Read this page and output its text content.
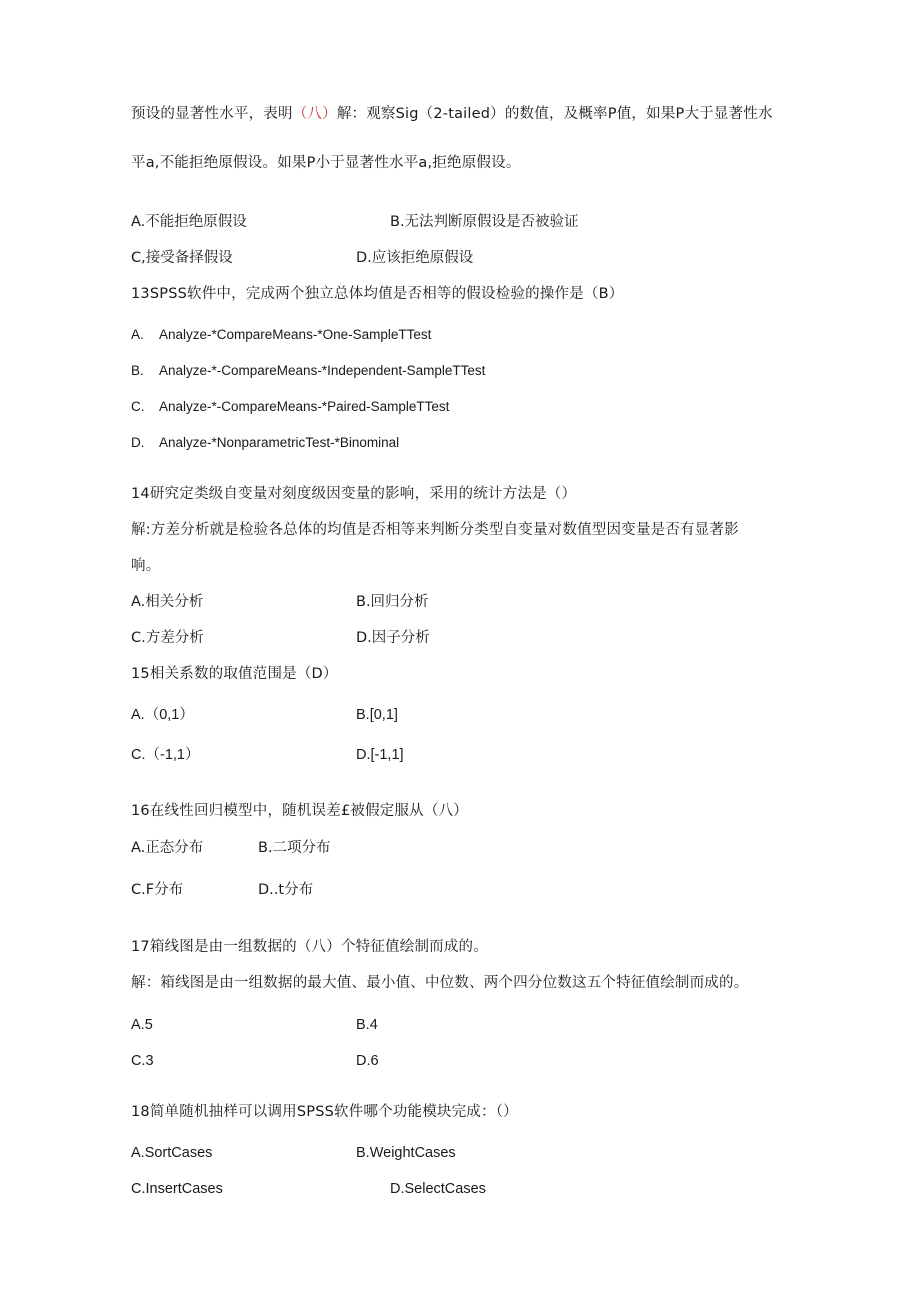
预设的显著性水平，表明（八）解：观察Sig（2-tailed）的数值，及概率P值，如果P大于显著性水
平a,不能拒绝原假设。如果P小于显著性水平a,拒绝原假设。
A.不能拒绝原假设	B.无法判断原假设是否被验证
C,接受备择假设	D.应该拒绝原假设
13SPSS软件中，完成两个独立总体均值是否相等的假设检验的操作是（B）
A. Analyze-*CompareMeans-*One-SampleTTest
B. Analyze-*-CompareMeans-*Independent-SampleTTest
C. Analyze-*-CompareMeans-*Paired-SampleTTest
D. Analyze-*NonparametricTest-*Binominal
14研究定类级自变量对刻度级因变量的影响，采用的统计方法是（）
解:方差分析就是检验各总体的均值是否相等来判断分类型自变量对数值型因变量是否有显著影
响。
A.相关分析	B.回归分析
C.方差分析	D.因子分析
15相关系数的取值范围是（D）
A.（0,1）	B.[0,1]
C.（-1,1）	D.[-1,1]
16在线性回归模型中，随机误差£被假定服从（八）
A.正态分布	B.二项分布
C.F分布	D..t分布
17箱线图是由一组数据的（八）个特征值绘制而成的。
解：箱线图是由一组数据的最大值、最小值、中位数、两个四分位数这五个特征值绘制而成的。
A.5	B.4
C.3	D.6
18简单随机抽样可以调用SPSS软件哪个功能模块完成：（）
A.SortCases	B.WeightCases
C.InsertCases	D.SelectCases
